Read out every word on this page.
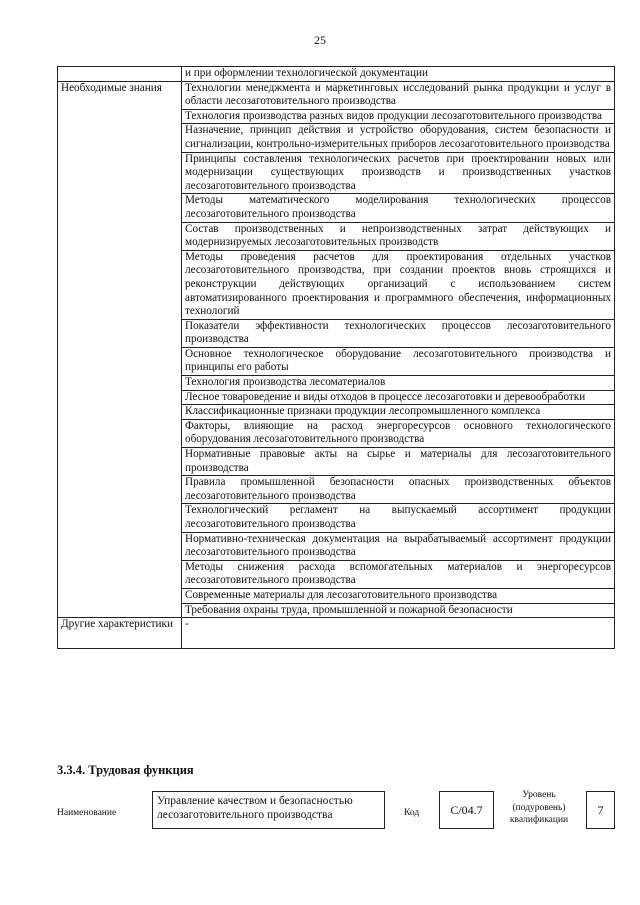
25
	и при оформлении технологической документации
Необходимые знания	Технологии менеджмента и маркетинговых исследований рынка продукции и услуг в области лесозаготовительного производства
	Технология производства разных видов продукции лесозаготовительного производства
	Назначение, принцип действия и устройство оборудования, систем безопасности и сигнализации, контрольно-измерительных приборов лесозаготовительного производства
	Принципы составления технологических расчетов при проектировании новых или модернизации существующих производств и производственных участков лесозаготовительного производства
	Методы математического моделирования технологических процессов лесозаготовительного производства
	Состав производственных и непроизводственных затрат действующих и модернизируемых лесозаготовительных производств
	Методы проведения расчетов для проектирования отдельных участков лесозаготовительного производства, при создании проектов вновь строящихся и реконструкции действующих организаций с использованием систем автоматизированного проектирования и программного обеспечения, информационных технологий
	Показатели эффективности технологических процессов лесозаготовительного производства
	Основное технологическое оборудование лесозаготовительного производства и принципы его работы
	Технология производства лесоматериалов
	Лесное товароведение и виды отходов в процессе лесозаготовки и деревообработки
	Классификационные признаки продукции лесопромышленного комплекса
	Факторы, влияющие на расход энергоресурсов основного технологического оборудования лесозаготовительного производства
	Нормативные правовые акты на сырье и материалы для лесозаготовительного производства
	Правила промышленной безопасности опасных производственных объектов лесозаготовительного производства
	Технологический регламент на выпускаемый ассортимент продукции лесозаготовительного производства
	Нормативно-техническая документация на вырабатываемый ассортимент продукции лесозаготовительного производства
	Методы снижения расхода вспомогательных материалов и энергоресурсов лесозаготовительного производства
	Современные материалы для лесозаготовительного производства
	Требования охраны труда, промышленной и пожарной безопасности
Другие характеристики	-
3.3.4. Трудовая функция
Наименование
Управление качеством и безопасностью лесозаготовительного производства	Код	C/04.7
Уровень (подуровень) квалификации
7
